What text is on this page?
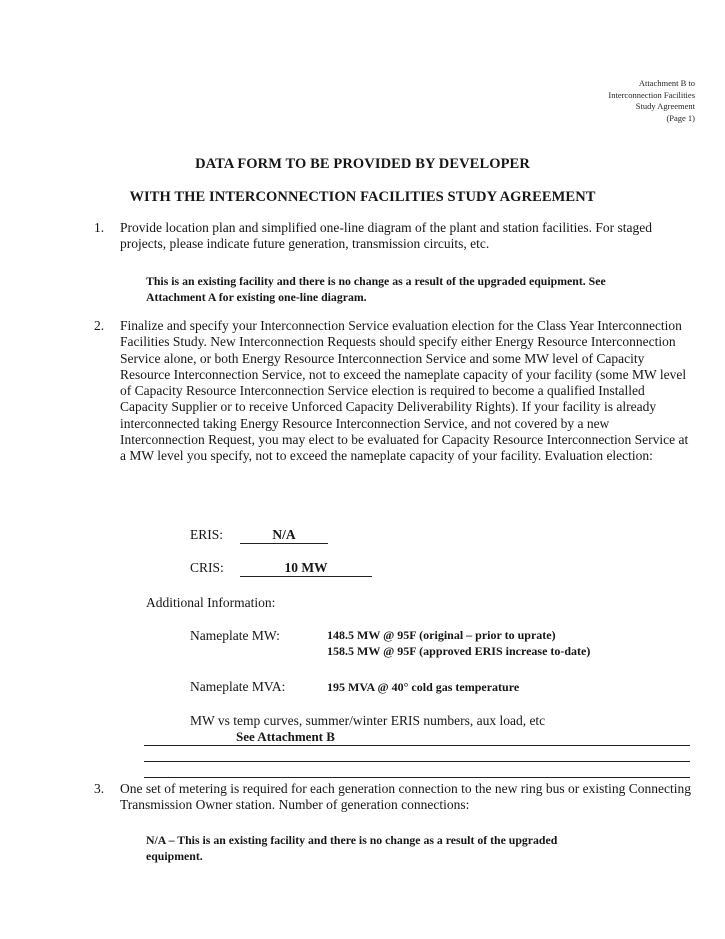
Attachment B to
Interconnection Facilities
Study Agreement
(Page 1)
DATA FORM TO BE PROVIDED BY DEVELOPER
WITH THE INTERCONNECTION FACILITIES STUDY AGREEMENT
1. Provide location plan and simplified one-line diagram of the plant and station facilities. For staged projects, please indicate future generation, transmission circuits, etc.

This is an existing facility and there is no change as a result of the upgraded equipment. See
Attachment A for existing one-line diagram.
2. Finalize and specify your Interconnection Service evaluation election for the Class Year Interconnection Facilities Study. New Interconnection Requests should specify either Energy Resource Interconnection Service alone, or both Energy Resource Interconnection Service and some MW level of Capacity Resource Interconnection Service, not to exceed the nameplate capacity of your facility (some MW level of Capacity Resource Interconnection Service election is required to become a qualified Installed Capacity Supplier or to receive Unforced Capacity Deliverability Rights). If your facility is already interconnected taking Energy Resource Interconnection Service, and not covered by a new Interconnection Request, you may elect to be evaluated for Capacity Resource Interconnection Service at a MW level you specify, not to exceed the nameplate capacity of your facility. Evaluation election:

ERIS:	N/A
CRIS:	10 MW
Additional Information:
Nameplate MW:	148.5 MW @ 95F (original – prior to uprate)
158.5 MW @ 95F (approved ERIS increase to-date)
Nameplate MVA:	195 MVA @ 40° cold gas temperature
MW vs temp curves, summer/winter ERIS numbers, aux load, etc
See Attachment B
3. One set of metering is required for each generation connection to the new ring bus or existing Connecting Transmission Owner station. Number of generation connections:

N/A – This is an existing facility and there is no change as a result of the upgraded
equipment.
